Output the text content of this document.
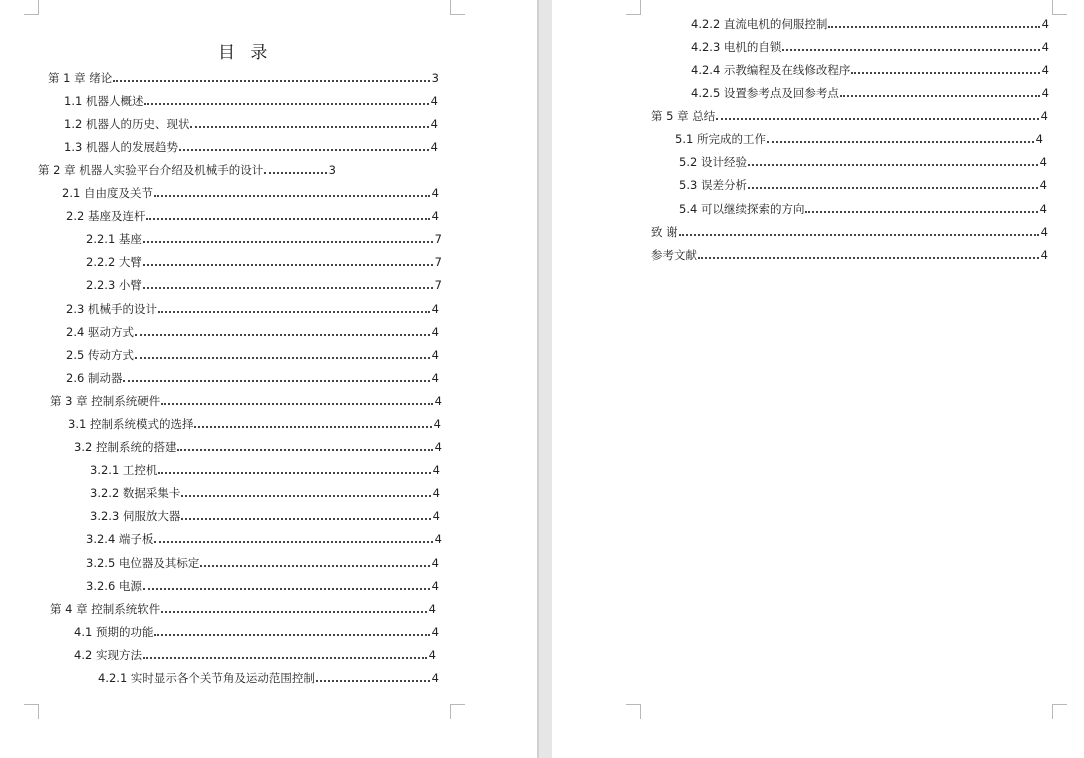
目 录
第 1 章 绪论	3
1.1 机器人概述	4
1.2 机器人的历史、现状	4
1.3 机器人的发展趋势	4
第 2 章 机器人实验平台介绍及机械手的设计	3
2.1 自由度及关节	4
2.2 基座及连杆	4
2.2.1 基座	7
2.2.2 大臂	7
2.2.3 小臂	7
2.3 机械手的设计	4
2.4 驱动方式	4
2.5 传动方式	4
2.6 制动器	4
第 3 章 控制系统硬件	4
3.1 控制系统模式的选择	4
3.2 控制系统的搭建	4
3.2.1 工控机	4
3.2.2 数据采集卡	4
3.2.3 伺服放大器	4
3.2.4 端子板	4
3.2.5 电位器及其标定	4
3.2.6 电源	4
第 4 章 控制系统软件	4
4.1 预期的功能	4
4.2 实现方法	4
4.2.1 实时显示各个关节角及运动范围控制	4
4.2.2 直流电机的伺服控制	4
4.2.3 电机的自锁	4
4.2.4 示教编程及在线修改程序	4
4.2.5 设置参考点及回参考点	4
第 5 章 总结	4
5.1 所完成的工作	4
5.2 设计经验	4
5.3 误差分析	4
5.4 可以继续探索的方向	4
致 谢	4
参考文献	4
